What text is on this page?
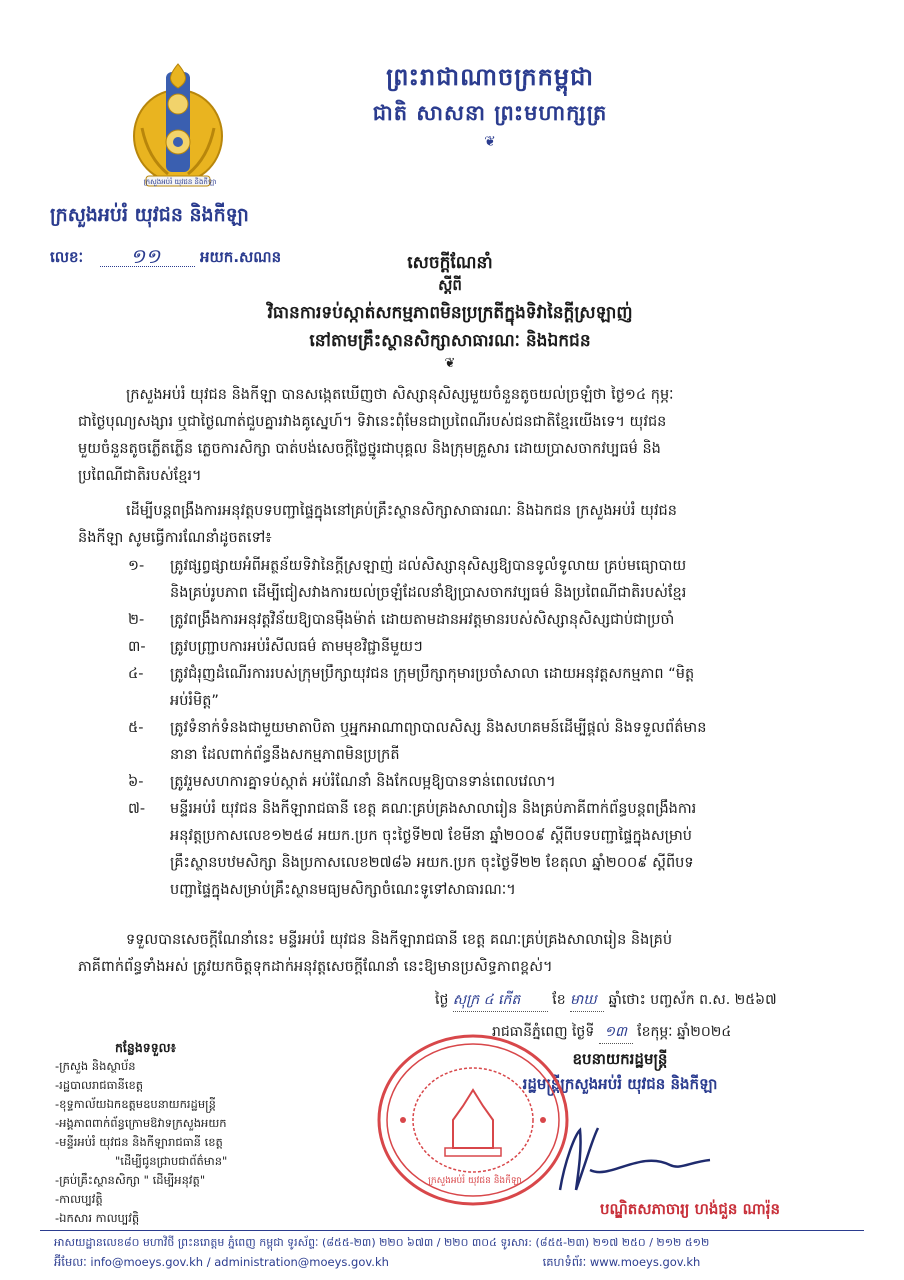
ក្រសួងអប់រំ យុវជន និងកីឡា
ព្រះរាជាណាចក្រកម្ពុជា
ជាតិ សាសនា ព្រះមហាក្សត្រ
❦
ក្រសួងអប់រំ យុវជន និងកីឡា
លេខៈ ១១	អយក.សណន	សេចក្តីណែនាំ
ស្តីពី
វិធានការទប់ស្កាត់សកម្មភាពមិនប្រក្រតីក្នុងទិវានៃក្តីស្រឡាញ់
នៅតាមគ្រឹះស្ថានសិក្សាសាធារណៈ និងឯកជន
❦
ក្រសួងអប់រំ យុវជន និងកីឡា បានសង្កេតឃើញថា សិស្សានុសិស្សមួយចំនួនតូចយល់ច្រឡំថា ថ្ងៃ១៤ កុម្ភៈ
ជាថ្ងៃបុណ្យសង្សារ ឬជាថ្ងៃណាត់ជួបគ្នារវាងគូស្នេហ៍។ ទិវានេះពុំមែនជាប្រពៃណីរបស់ជនជាតិខ្មែរយើងទេ។ យុវជន
មួយចំនួនតូចភ្លើតភ្លើន ភ្លេចការសិក្សា បាត់បង់សេចក្តីថ្លៃថ្នូរជាបុគ្គល និងក្រុមគ្រួសារ ដោយប្រាសចាកវប្បធម៌ និង
ប្រពៃណីជាតិរបស់ខ្មែរ។
ដើម្បីបន្តពង្រឹងការអនុវត្តបទបញ្ជាផ្ទៃក្នុងនៅគ្រប់គ្រឹះស្ថានសិក្សាសាធារណៈ និងឯកជន ក្រសួងអប់រំ យុវជន
និងកីឡា សូមធ្វើការណែនាំដូចតទៅ៖
១-	ត្រូវផ្សព្វផ្សាយអំពីអត្ថន័យទិវានៃក្តីស្រឡាញ់ ដល់សិស្សានុសិស្សឱ្យបានទូលំទូលាយ គ្រប់មធ្យោបាយ
និងគ្រប់រូបភាព ដើម្បីជៀសវាងការយល់ច្រឡំដែលនាំឱ្យប្រាសចាកវប្បធម៌ និងប្រពៃណីជាតិរបស់ខ្មែរ
២-	ត្រូវពង្រឹងការអនុវត្តវិន័យឱ្យបានម៉ឺងម៉ាត់ ដោយតាមដានអវត្តមានរបស់សិស្សានុសិស្សជាប់ជាប្រចាំ
៣-	ត្រូវបញ្ជ្រាបការអប់រំសីលធម៌ តាមមុខវិជ្ជានីមួយៗ
៤-	ត្រូវជំរុញដំណើរការរបស់ក្រុមប្រឹក្សាយុវជន ក្រុមប្រឹក្សាកុមារប្រចាំសាលា ដោយអនុវត្តសកម្មភាព “មិត្ត
អប់រំមិត្ត”
៥-	ត្រូវទំនាក់ទំនងជាមួយមាតាបិតា ឬអ្នកអាណាព្យាបាលសិស្ស និងសហគមន៍ដើម្បីផ្តល់ និងទទួលព័ត៌មាន
នានា ដែលពាក់ព័ន្ធនឹងសកម្មភាពមិនប្រក្រតី
៦-	ត្រូវរួមសហការគ្នាទប់ស្កាត់ អប់រំណែនាំ និងកែលម្អឱ្យបានទាន់ពេលវេលា។
៧-	មន្ទីរអប់រំ យុវជន និងកីឡារាជធានី ខេត្ត គណៈគ្រប់គ្រងសាលារៀន និងគ្រប់ភាគីពាក់ព័ន្ធបន្តពង្រឹងការ
អនុវត្តប្រកាសលេខ១២៥៨ អយក.ប្រក ចុះថ្ងៃទី២៧ ខែមីនា ឆ្នាំ២០០៩ ស្តីពីបទបញ្ជាផ្ទៃក្នុងសម្រាប់
គ្រឹះស្ថានបឋមសិក្សា និងប្រកាសលេខ២៧៨៦ អយក.ប្រក ចុះថ្ងៃទី២២ ខែតុលា ឆ្នាំ២០០៩ ស្តីពីបទ
បញ្ជាផ្ទៃក្នុងសម្រាប់គ្រឹះស្ថានមធ្យមសិក្សាចំណេះទូទៅសាធារណៈ។
ទទួលបានសេចក្តីណែនាំនេះ មន្ទីរអប់រំ យុវជន និងកីឡារាជធានី ខេត្ត គណៈគ្រប់គ្រងសាលារៀន និងគ្រប់
ភាគីពាក់ព័ន្ធទាំងអស់ ត្រូវយកចិត្តទុកដាក់អនុវត្តសេចក្តីណែនាំ នេះឱ្យមានប្រសិទ្ធភាពខ្ពស់។
ថ្ងៃ សុក្រ ៤ កើត ខែ មាឃ ឆ្នាំថោះ បញ្ចស័ក ព.ស. ២៥៦៧
រាជធានីភ្នំពេញ ថ្ងៃទី ១៣ ខែកុម្ភៈ ឆ្នាំ២០២៤
ឧបនាយករដ្ឋមន្ត្រី
រដ្ឋមន្ត្រីក្រសួងអប់រំ យុវជន និងកីឡា
ក្រសួងអប់រំ យុវជន និងកីឡា
បណ្ឌិតសភាចារ្យ ហង់ជួន ណារ៉ុន
កន្លែងទទួល៖
-ក្រសួង និងស្ថាប័ន
-រដ្ឋបាលរាជធានីខេត្ត
-ខុទ្ទកាល័យឯកឧត្តមឧបនាយករដ្ឋមន្ត្រី
-អង្គភាពពាក់ព័ន្ធក្រោមឱវាទក្រសួងអយក
-មន្ទីរអប់រំ យុវជន និងកីឡារាជធានី ខេត្ត
"ដើម្បីជូនជ្រាបជាព័ត៌មាន"
-គ្រប់គ្រឹះស្ថានសិក្សា " ដើម្បីអនុវត្ត"
-កាលប្បវត្តិ
-ឯកសារ កាលប្បវត្តិ
អាសយដ្ឋានលេខ៨០ មហាវិថី ព្រះនរោត្តម ភ្នំពេញ កម្ពុជា ទូរស័ព្ទៈ (៨៥៥-២៣) ២២០ ៦៧៣ / ២២០ ៣០៤ ទូរសារ: (៨៥៥-២៣) ២១៧ ២៥០ / ២១២ ៥១២
អ៊ីមែលៈ info@moeys.gov.kh / administration@moeys.gov.kh	គេហទំព័រៈ www.moeys.gov.kh
